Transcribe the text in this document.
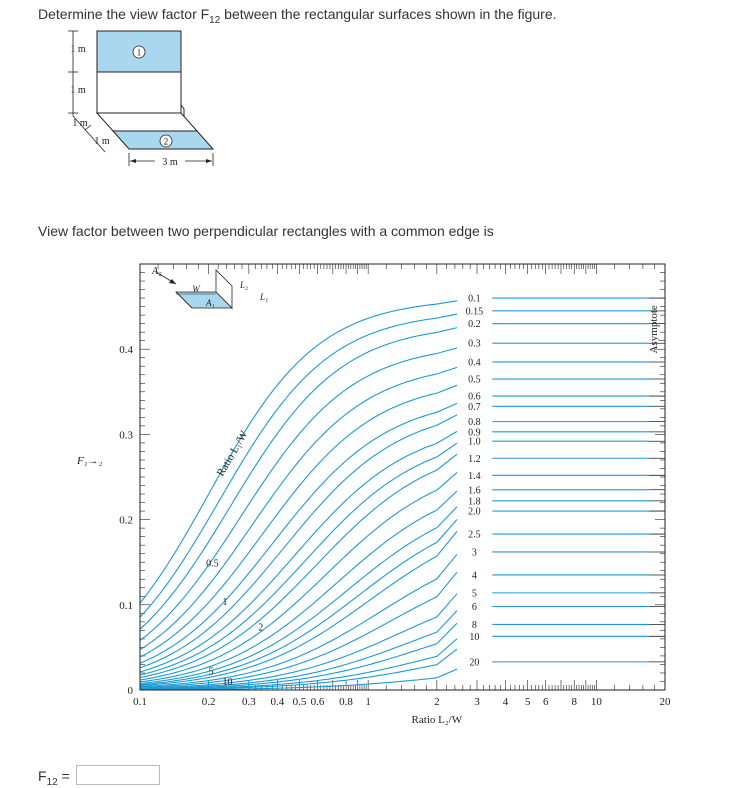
Determine the view factor $F_{12}$ between the rectangular surfaces shown in the figure.
1
2
1 m
1 m
1 m
1 m
3 m
View factor between two perpendicular rectangles with a common edge is
0.1
0.15
0.2
0.3
0.4
0.5
0.6
0.7
0.8
0.9
1.0
1.2
1.4
1.6
1.8
2.0
2.5
3
4
5
6
8
10
20
Ratio L₁/W
0.5
1
2
5
10
Asymptote
0.1	0.2 0.3 0.4 0.5 0.6 0.8 1	2	3 4 5 6 8 10	20
0
0.1
0.2
0.3
0.4
Ratio L₂/W
F₁→₂
A₂
W
A₁
L₂
L₁
$F_{12}$ =
